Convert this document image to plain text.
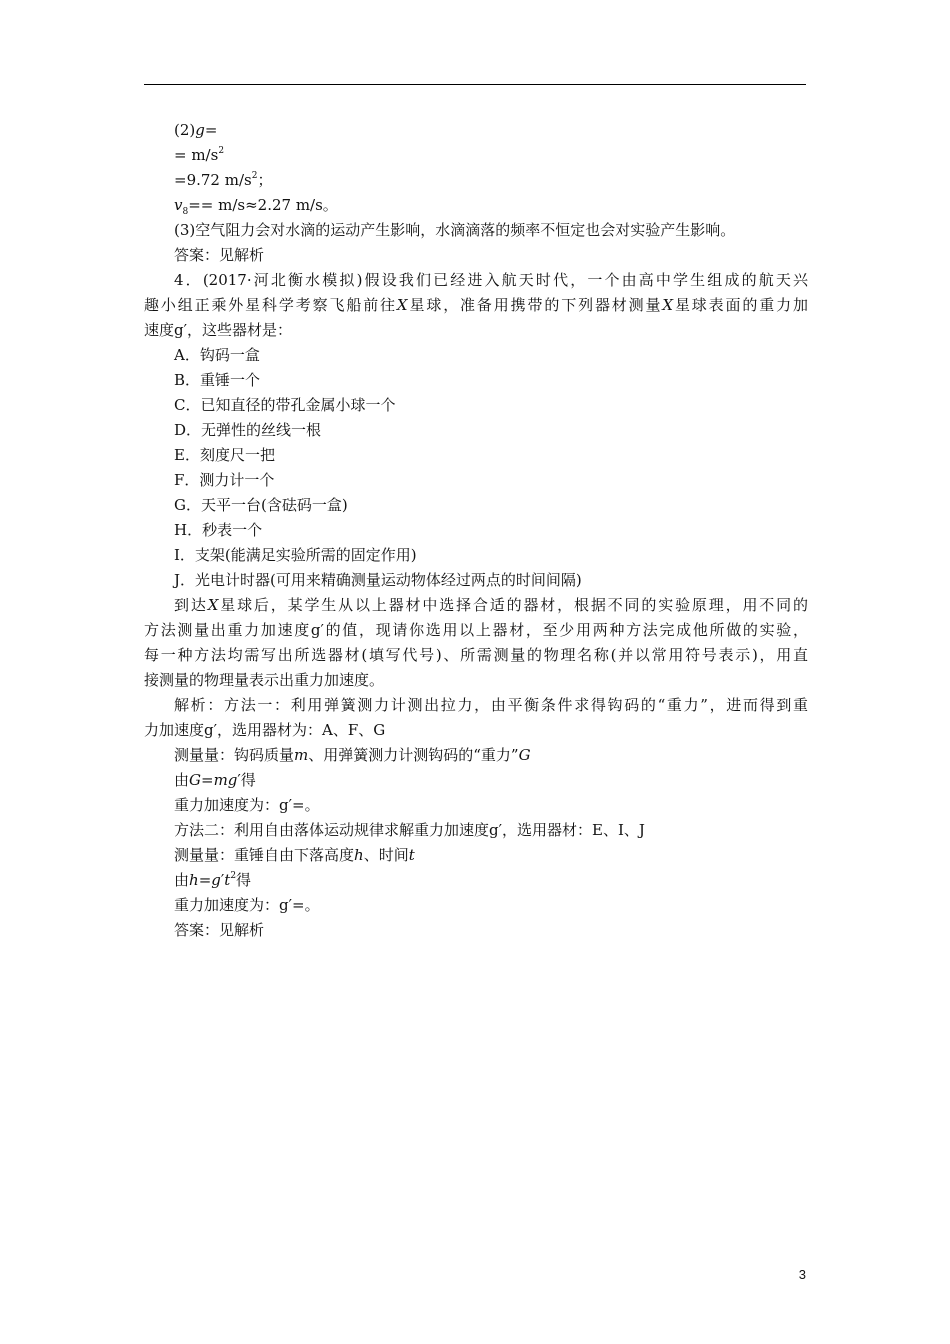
(2)g=
= $m/s^2$
=9.72 $m/s^2$；
$v_8== m/s\approx 2.27$ m/s。
(3)空气阻力会对水滴的运动产生影响，水滴滴落的频率不恒定也会对实验产生影响。
答案：见解析
4．(2017·河北衡水模拟)假设我们已经进入航天时代，一个由高中学生组成的航天兴
趣小组正乘外星科学考察飞船前往X星球，准备用携带的下列器材测量X星球表面的重力加
速度g′，这些器材是：
A．钩码一盒
B．重锤一个
C．已知直径的带孔金属小球一个
D．无弹性的丝线一根
E．刻度尺一把
F．测力计一个
G．天平一台(含砝码一盒)
H．秒表一个
I．支架(能满足实验所需的固定作用)
J．光电计时器(可用来精确测量运动物体经过两点的时间间隔)
到达X星球后，某学生从以上器材中选择合适的器材，根据不同的实验原理，用不同的
方法测量出重力加速度g′的值，现请你选用以上器材，至少用两种方法完成他所做的实验，
每一种方法均需写出所选器材(填写代号)、所需测量的物理名称(并以常用符号表示)，用直
接测量的物理量表示出重力加速度。
解析：方法一：利用弹簧测力计测出拉力，由平衡条件求得钩码的“重力”，进而得到重
力加速度g′，选用器材为：A、F、G
测量量：钩码质量m、用弹簧测力计测钩码的“重力”G
由G=mg′得
重力加速度为：g′=。
方法二：利用自由落体运动规律求解重力加速度g′，选用器材：E、I、J
测量量：重锤自由下落高度h、时间t
由$h=g't^2$得
重力加速度为：g′=。
答案：见解析
3
